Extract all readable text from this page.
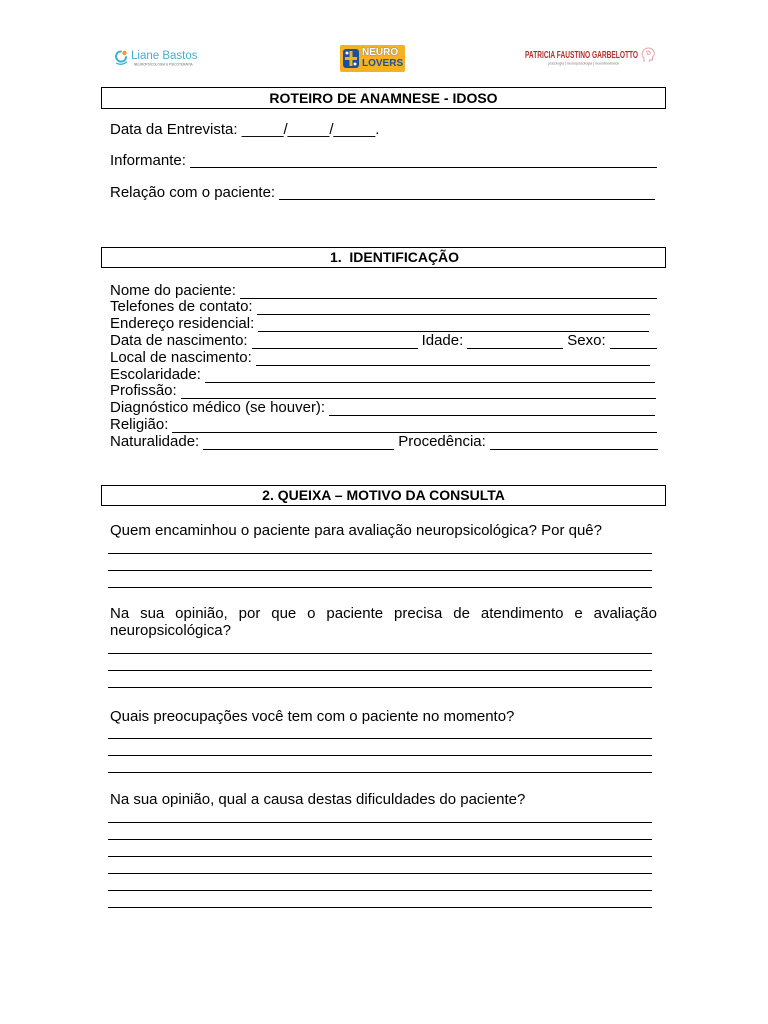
Liane Bastos
NEUROPSICOLOGIA & PSICOTERAPIA
NEURO
LOVERS
PATRICIA FAUSTINO GARBELOTTO
psicologia | neuropsicologia | neurofeedback
ROTEIRO DE ANAMNESE - IDOSO
Data da Entrevista: _____/_____/_____.
Informante:
Relação com o paciente:
1.  IDENTIFICAÇÃO
Nome do paciente:
Telefones de contato:
Endereço residencial:
Data de nascimento:	Idade:	Sexo:
Local de nascimento:
Escolaridade:
Profissão:
Diagnóstico médico (se houver):
Religião:
Naturalidade:	Procedência:
2. QUEIXA – MOTIVO DA CONSULTA
Quem encaminhou o paciente para avaliação neuropsicológica? Por quê?
Na sua opinião, por que o paciente precisa de atendimento e avaliação neuropsicológica?
Quais preocupações você tem com o paciente no momento?
Na sua opinião, qual a causa destas dificuldades do paciente?
